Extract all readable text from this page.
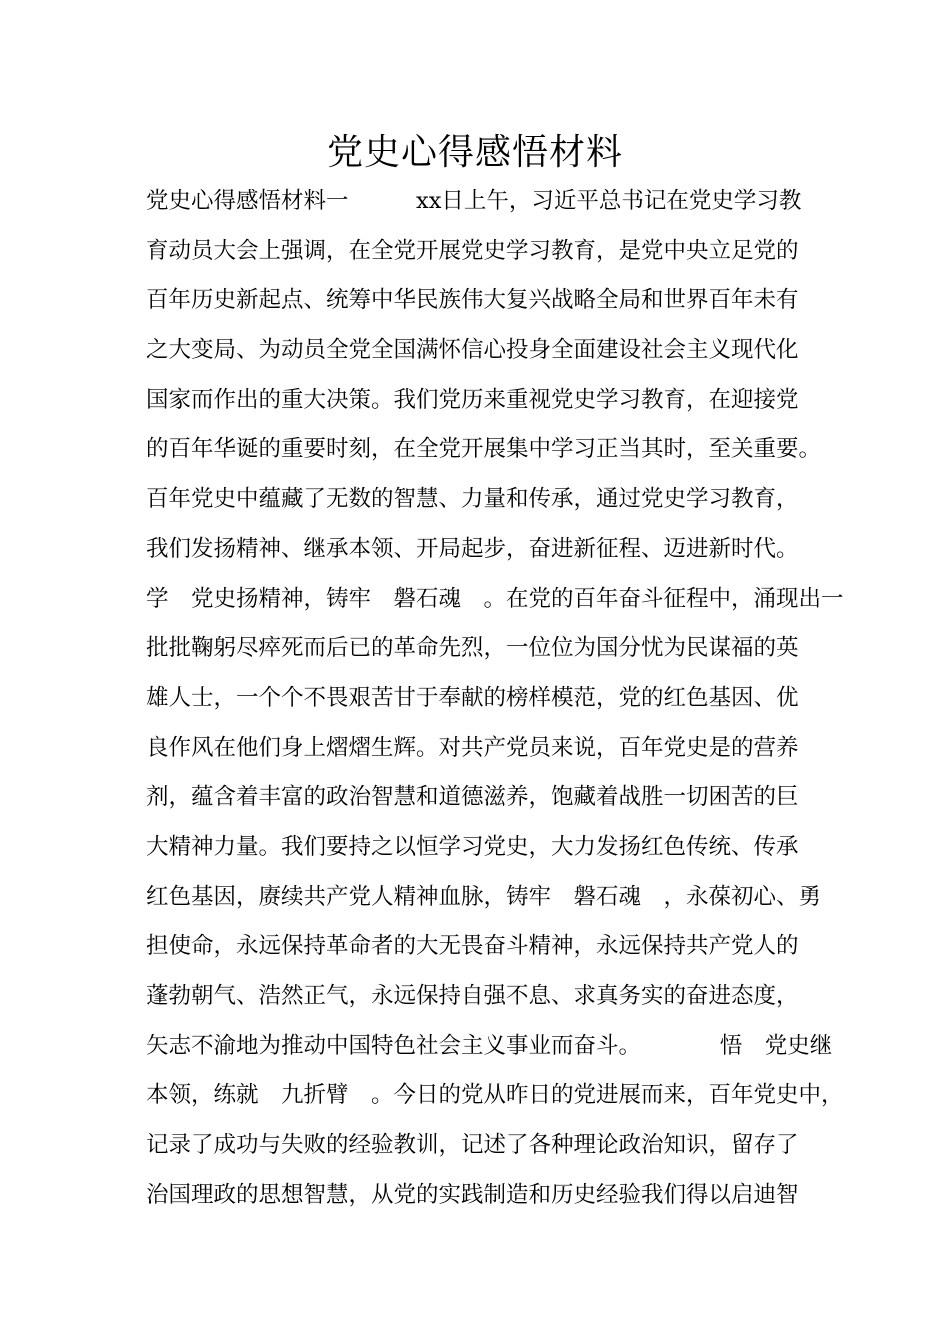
党史心得感悟材料
党史心得感悟材料一　　　xx日上午，习近平总书记在党史学习教
育动员大会上强调，在全党开展党史学习教育，是党中央立足党的
百年历史新起点、统筹中华民族伟大复兴战略全局和世界百年未有
之大变局、为动员全党全国满怀信心投身全面建设社会主义现代化
国家而作出的重大决策。我们党历来重视党史学习教育，在迎接党
的百年华诞的重要时刻，在全党开展集中学习正当其时，至关重要。
百年党史中蕴藏了无数的智慧、力量和传承，通过党史学习教育，
我们发扬精神、继承本领、开局起步，奋进新征程、迈进新时代。
学　党史扬精神，铸牢　磐石魂　。在党的百年奋斗征程中，涌现出一
批批鞠躬尽瘁死而后已的革命先烈，一位位为国分忧为民谋福的英
雄人士，一个个不畏艰苦甘于奉献的榜样模范，党的红色基因、优
良作风在他们身上熠熠生辉。对共产党员来说，百年党史是的营养
剂，蕴含着丰富的政治智慧和道德滋养，饱藏着战胜一切困苦的巨
大精神力量。我们要持之以恒学习党史，大力发扬红色传统、传承
红色基因，赓续共产党人精神血脉，铸牢　磐石魂　，永葆初心、勇
担使命，永远保持革命者的大无畏奋斗精神，永远保持共产党人的
蓬勃朝气、浩然正气，永远保持自强不息、求真务实的奋进态度，
矢志不渝地为推动中国特色社会主义事业而奋斗。　　　　悟　党史继
本领，练就　九折臂　。今日的党从昨日的党进展而来，百年党史中，
记录了成功与失败的经验教训，记述了各种理论政治知识，留存了
治国理政的思想智慧，从党的实践制造和历史经验我们得以启迪智
